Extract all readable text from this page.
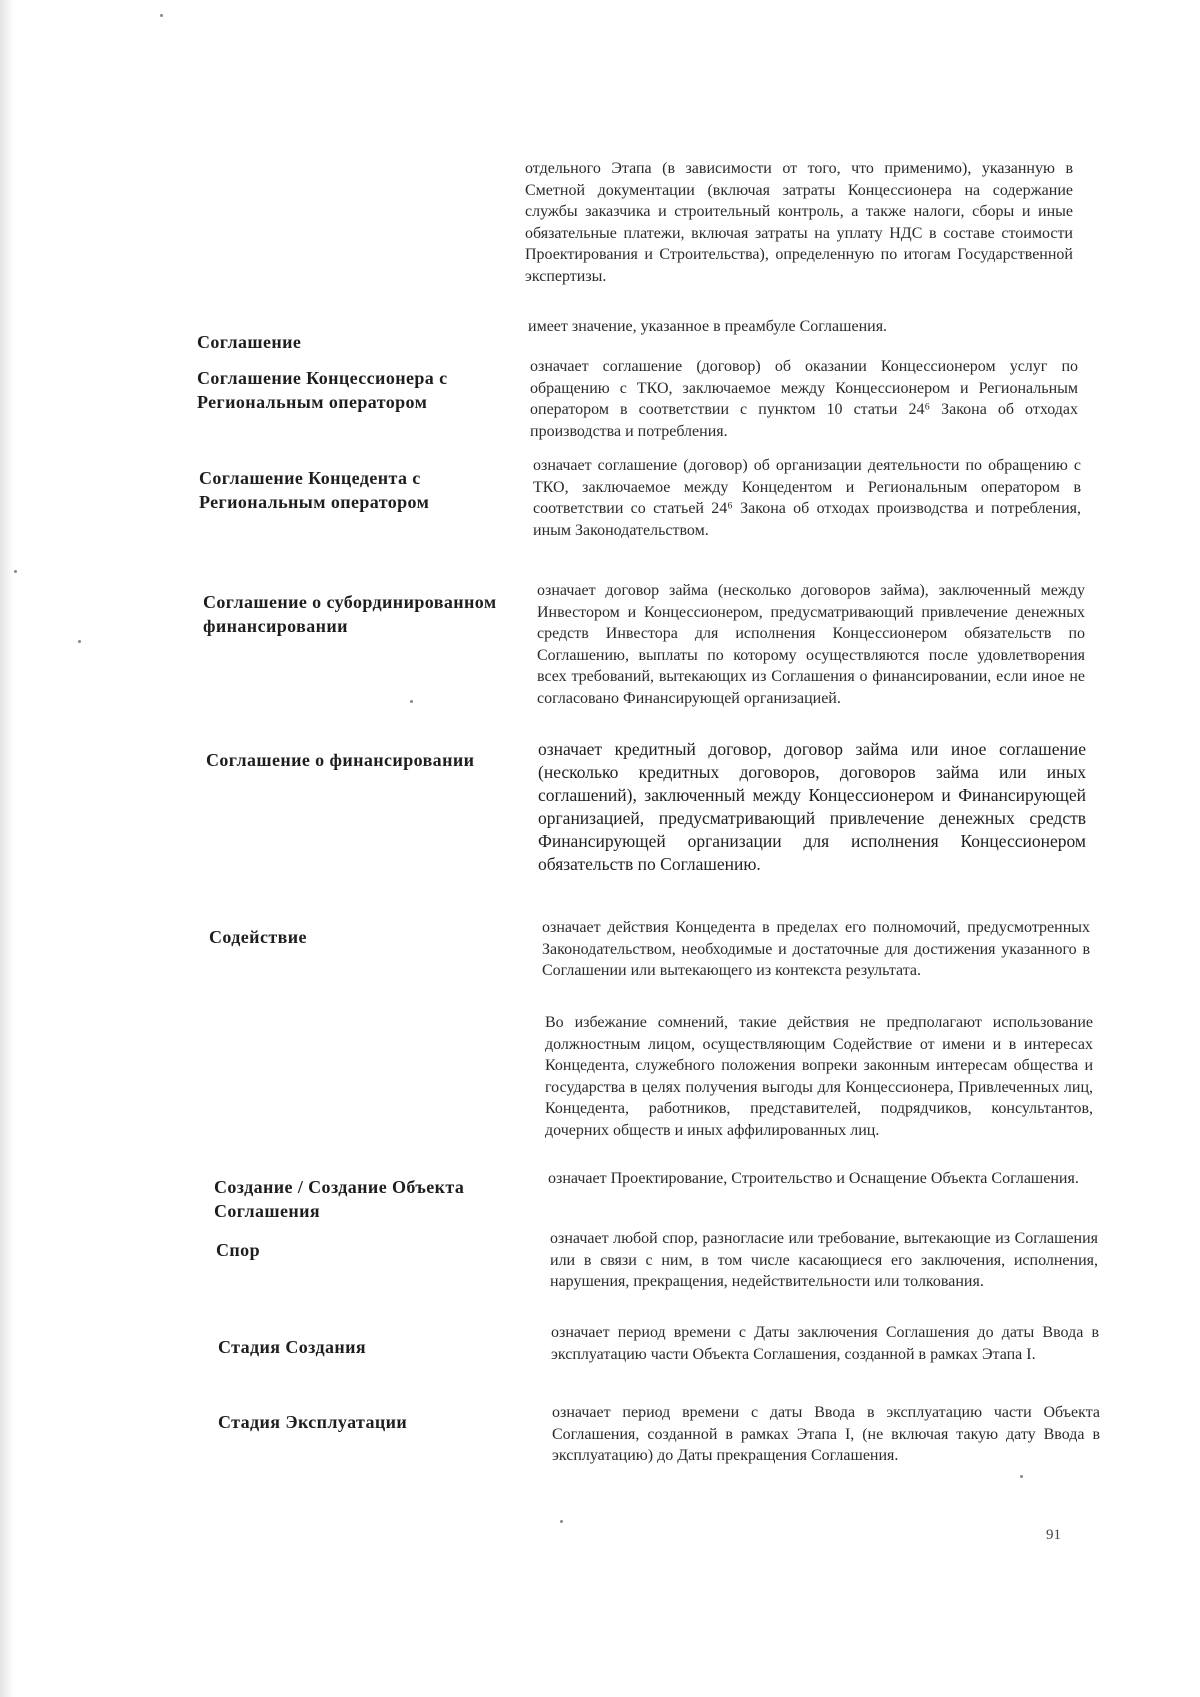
отдельного Этапа (в зависимости от того, что применимо), указанную в Сметной документации (включая затраты Концессионера на содержание службы заказчика и строительный контроль, а также налоги, сборы и иные обязательные платежи, включая затраты на уплату НДС в составе стоимости Проектирования и Строительства), определенную по итогам Государственной экспертизы.
Соглашение
имеет значение, указанное в преамбуле Соглашения.
Соглашение Концессионера с Региональным оператором
означает соглашение (договор) об оказании Концессионером услуг по обращению с ТКО, заключаемое между Концессионером и Региональным оператором в соответствии с пунктом 10 статьи 24⁶ Закона об отходах производства и потребления.
Соглашение Концедента с Региональным оператором
означает соглашение (договор) об организации деятельности по обращению с ТКО, заключаемое между Концедентом и Региональным оператором в соответствии со статьей 24⁶ Закона об отходах производства и потребления, иным Законодательством.
Соглашение о субординированном финансировании
означает договор займа (несколько договоров займа), заключенный между Инвестором и Концессионером, предусматривающий привлечение денежных средств Инвестора для исполнения Концессионером обязательств по Соглашению, выплаты по которому осуществляются после удовлетворения всех требований, вытекающих из Соглашения о финансировании, если иное не согласовано Финансирующей организацией.
Соглашение о финансировании
означает кредитный договор, договор займа или иное соглашение (несколько кредитных договоров, договоров займа или иных соглашений), заключенный между Концессионером и Финансирующей организацией, предусматривающий привлечение денежных средств Финансирующей организации для исполнения Концессионером обязательств по Соглашению.
Содействие	означает действия Концедента в пределах его полномочий, предусмотренных Законодательством, необходимые и достаточные для достижения указанного в Соглашении или вытекающего из контекста результата.
Во избежание сомнений, такие действия не предполагают использование должностным лицом, осуществляющим Содействие от имени и в интересах Концедента, служебного положения вопреки законным интересам общества и государства в целях получения выгоды для Концессионера, Привлеченных лиц, Концедента, работников, представителей, подрядчиков, консультантов, дочерних обществ и иных аффилированных лиц.
Создание / Создание Объекта Соглашения
означает Проектирование, Строительство и Оснащение Объекта Соглашения.
Спор
означает любой спор, разногласие или требование, вытекающие из Соглашения или в связи с ним, в том числе касающиеся его заключения, исполнения, нарушения, прекращения, недействительности или толкования.
Стадия Создания
означает период времени с Даты заключения Соглашения до даты Ввода в эксплуатацию части Объекта Соглашения, созданной в рамках Этапа I.
Стадия Эксплуатации	означает период времени с даты Ввода в эксплуатацию части Объекта Соглашения, созданной в рамках Этапа I, (не включая такую дату Ввода в эксплуатацию) до Даты прекращения Соглашения.
91
